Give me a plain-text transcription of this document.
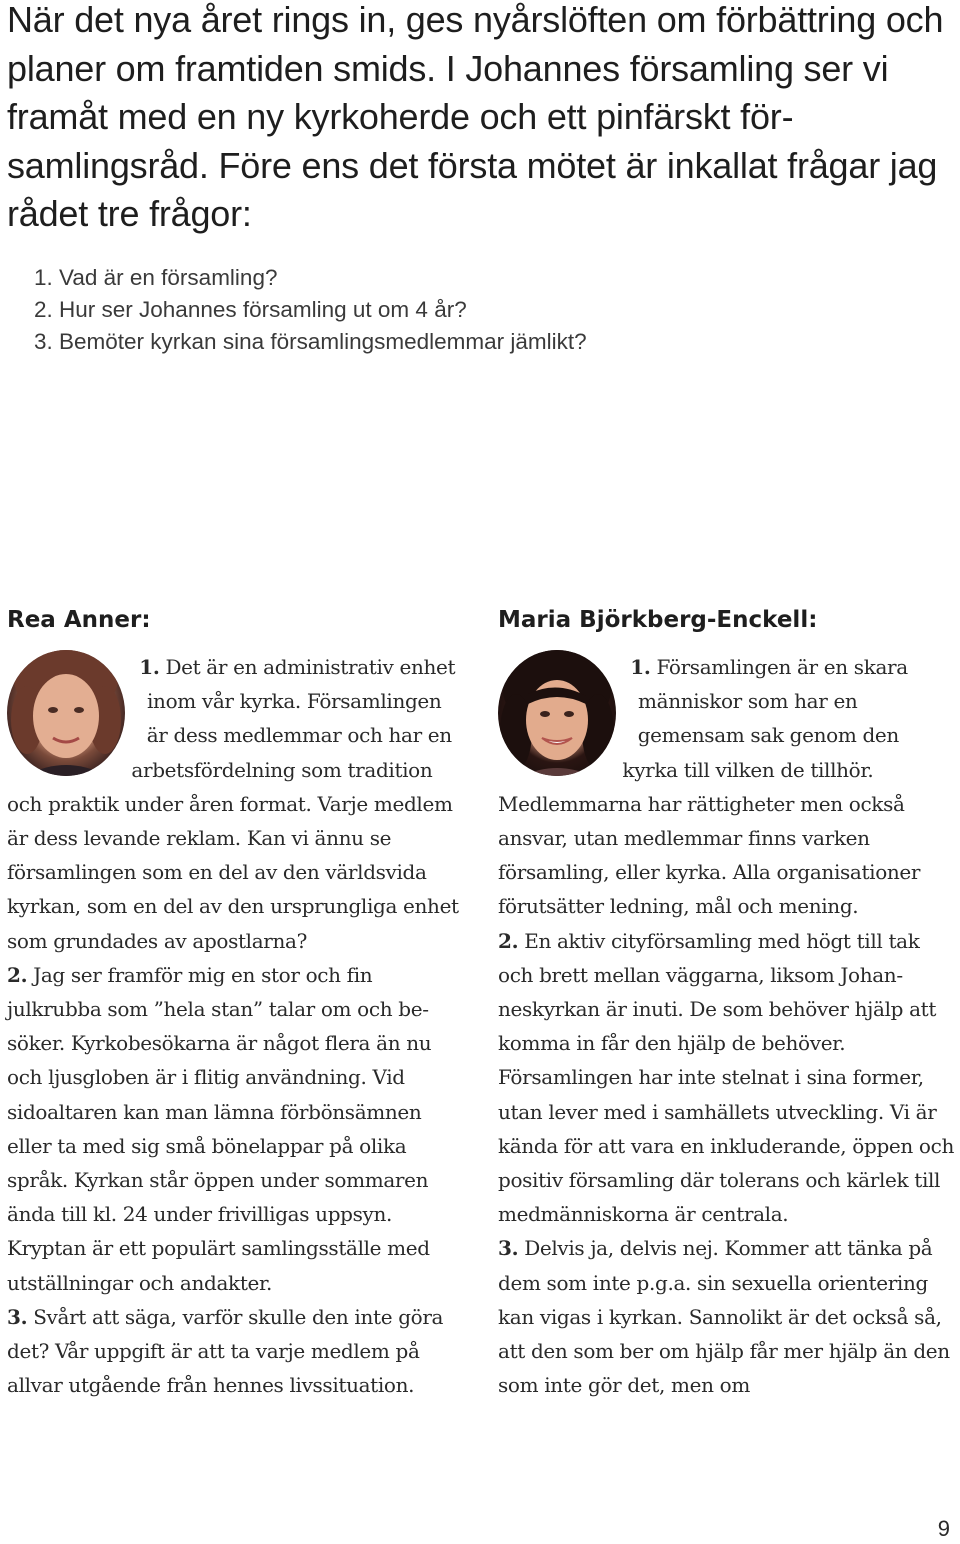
När det nya året rings in, ges nyårslöften om förbättring och planer om framtiden smids. I Johannes församling ser vi framåt med en ny kyrkoherde och ett pinfärskt församlingsråd. Före ens det första mötet är inkallat frågar jag rådet tre frågor:

1. Vad är en församling?
2. Hur ser Johannes församling ut om 4 år?
3. Bemöter kyrkan sina församlingsmedlemmar jämlikt?

Rea Anner:

1. Det är en administrativ enhet inom vår kyrka. Församlingen är dess medlemmar och har en arbetsfördelning som tradition och praktik under åren format. Varje medlem är dess levande reklam. Kan vi ännu se församlingen som en del av den världsvida kyrkan, som en del av den ursprungliga enhet som grundades av apostlarna?
2. Jag ser framför mig en stor och fin julkrubba som ”hela stan” talar om och besöker. Kyrkobesökarna är något flera än nu och ljusgloben är i flitig användning. Vid sidoaltaren kan man lämna förbönsämnen eller ta med sig små bönelappar på olika språk. Kyrkan står öppen under sommaren ända till kl. 24 under frivilligas uppsyn. Kryptan är ett populärt samlingsställe med utställningar och andakter.
3. Svårt att säga, varför skulle den inte göra det? Vår uppgift är att ta varje medlem på allvar utgående från hennes livssituation.

Maria Björkberg-Enckell:

1. Församlingen är en skara människor som har en gemensam sak genom den kyrka till vilken de tillhör. Medlemmarna har rättigheter men också ansvar, utan medlemmar finns varken församling, eller kyrka. Alla organisationer förutsätter ledning, mål och mening.
2. En aktiv cityförsamling med högt till tak och brett mellan väggarna, liksom Johanneskyrkan är inuti. De som behöver hjälp att komma in får den hjälp de behöver. Församlingen har inte stelnat i sina former, utan lever med i samhällets utveckling. Vi är kända för att vara en inkluderande, öppen och positiv församling där tolerans och kärlek till medmänniskorna är centrala.
3. Delvis ja, delvis nej. Kommer att tänka på dem som inte p.g.a. sin sexuella orientering kan vigas i kyrkan. Sannolikt är det också så, att den som ber om hjälp får mer hjälp än den som inte gör det, men om
9
